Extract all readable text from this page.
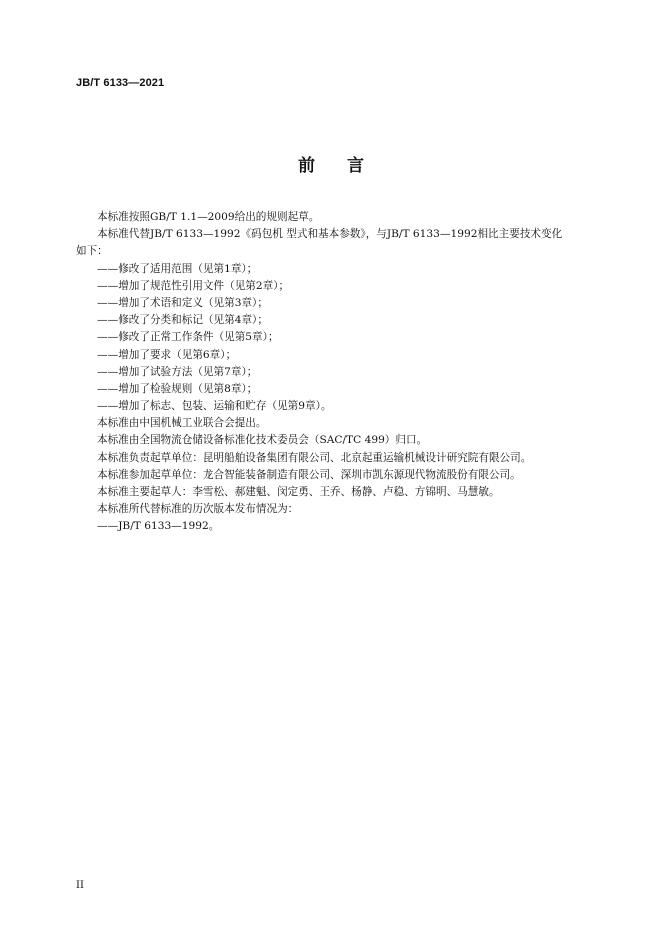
JB/T 6133—2021
前言
本标准按照GB/T 1.1—2009给出的规则起草。
本标准代替JB/T 6133—1992《码包机 型式和基本参数》，与JB/T 6133—1992相比主要技术变化
如下：
——修改了适用范围（见第1章）；
——增加了规范性引用文件（见第2章）；
——增加了术语和定义（见第3章）；
——修改了分类和标记（见第4章）；
——修改了正常工作条件（见第5章）；
——增加了要求（见第6章）；
——增加了试验方法（见第7章）；
——增加了检验规则（见第8章）；
——增加了标志、包装、运输和贮存（见第9章）。
本标准由中国机械工业联合会提出。
本标准由全国物流仓储设备标准化技术委员会（SAC/TC 499）归口。
本标准负责起草单位：昆明船舶设备集团有限公司、北京起重运输机械设计研究院有限公司。
本标准参加起草单位：龙合智能装备制造有限公司、深圳市凯东源现代物流股份有限公司。
本标准主要起草人：李雪松、郝建魁、闵定勇、王乔、杨静、卢稳、方锦明、马慧敏。
本标准所代替标准的历次版本发布情况为：
——JB/T 6133—1992。
II
